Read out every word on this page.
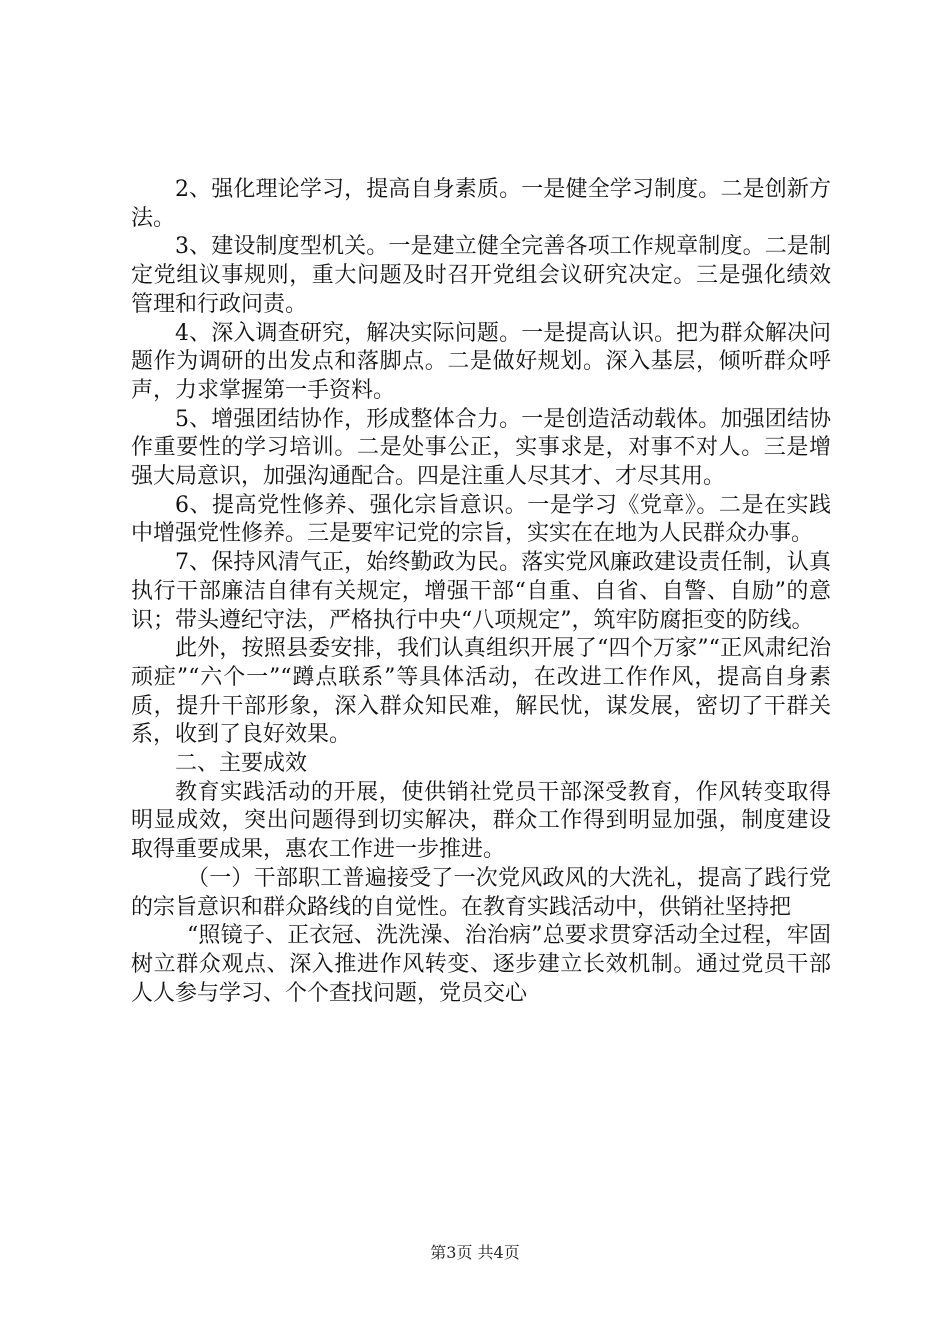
2、强化理论学习，提高自身素质。一是健全学习制度。二是创新方法。

3、建设制度型机关。一是建立健全完善各项工作规章制度。二是制定党组议事规则，重大问题及时召开党组会议研究决定。三是强化绩效管理和行政问责。

4、深入调查研究，解决实际问题。一是提高认识。把为群众解决问题作为调研的出发点和落脚点。二是做好规划。深入基层，倾听群众呼声，力求掌握第一手资料。

5、增强团结协作，形成整体合力。一是创造活动载体。加强团结协作重要性的学习培训。二是处事公正，实事求是，对事不对人。三是增强大局意识，加强沟通配合。四是注重人尽其才、才尽其用。

6、提高党性修养、强化宗旨意识。一是学习《党章》。二是在实践中增强党性修养。三是要牢记党的宗旨，实实在在地为人民群众办事。

7、保持风清气正，始终勤政为民。落实党风廉政建设责任制，认真执行干部廉洁自律有关规定，增强干部“自重、自省、自警、自励”的意识；带头遵纪守法，严格执行中央“八项规定”，筑牢防腐拒变的防线。

此外，按照县委安排，我们认真组织开展了“四个万家”“正风肃纪治顽症”“六个一”“蹲点联系”等具体活动，在改进工作作风，提高自身素质，提升干部形象，深入群众知民难，解民忧，谋发展，密切了干群关系，收到了良好效果。

二、主要成效

教育实践活动的开展，使供销社党员干部深受教育，作风转变取得明显成效，突出问题得到切实解决，群众工作得到明显加强，制度建设取得重要成果，惠农工作进一步推进。

（一）干部职工普遍接受了一次党风政风的大洗礼，提高了践行党的宗旨意识和群众路线的自觉性。在教育实践活动中，供销社坚持把

“照镜子、正衣冠、洗洗澡、治治病”总要求贯穿活动全过程，牢固树立群众观点、深入推进作风转变、逐步建立长效机制。通过党员干部人人参与学习、个个查找问题，党员交心

第3页 共4页
